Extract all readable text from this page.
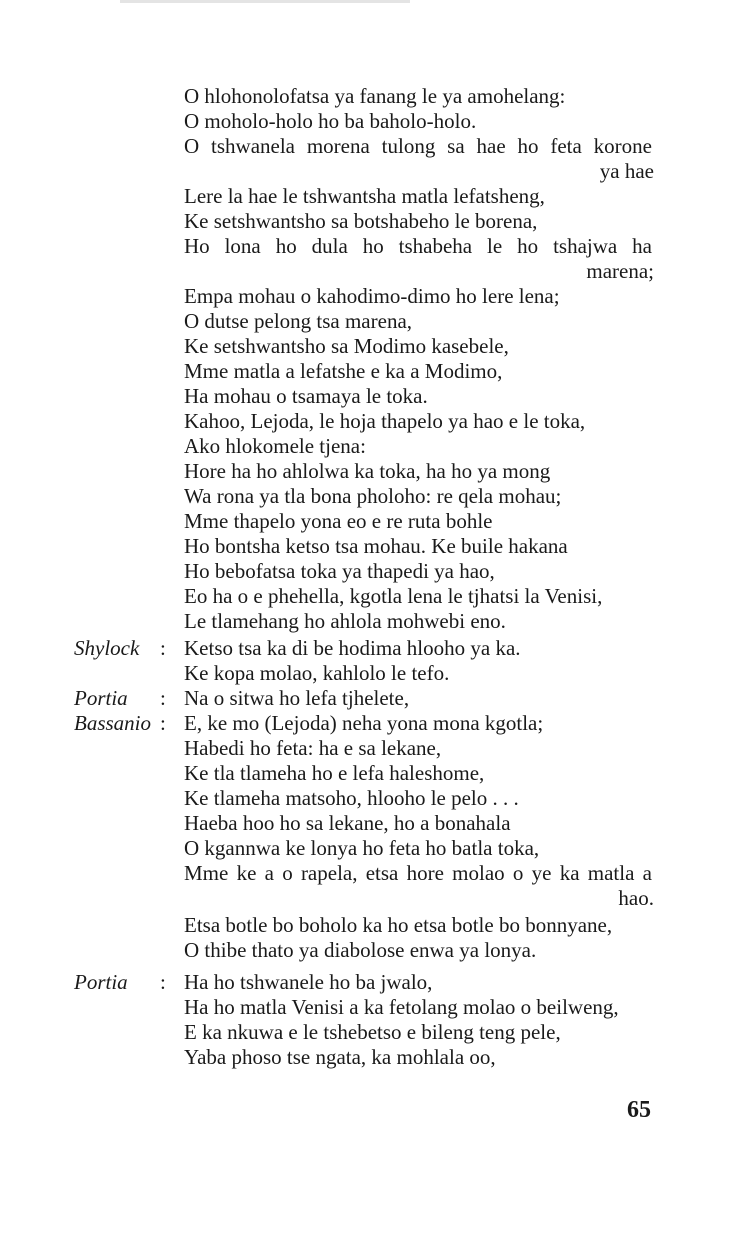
O hlohonolofatsa ya fanang le ya amohelang:
O moholo-holo ho ba baholo-holo.
O tshwanela morena tulong sa hae ho feta korone
ya hae
Lere la hae le tshwantsha matla lefatsheng,
Ke setshwantsho sa botshabeho le borena,
Ho lona ho dula ho tshabeha le ho tshajwa ha
marena;
Empa mohau o kahodimo-dimo ho lere lena;
O dutse pelong tsa marena,
Ke setshwantsho sa Modimo kasebele,
Mme matla a lefatshe e ka a Modimo,
Ha mohau o tsamaya le toka.
Kahoo, Lejoda, le hoja thapelo ya hao e le toka,
Ako hlokomele tjena:
Hore ha ho ahlolwa ka toka, ha ho ya mong
Wa rona ya tla bona pholoho: re qela mohau;
Mme thapelo yona eo e re ruta bohle
Ho bontsha ketso tsa mohau. Ke buile hakana
Ho bebofatsa toka ya thapedi ya hao,
Eo ha o e phehella, kgotla lena le tjhatsi la Venisi,
Le tlamehang ho ahlola mohwebi eno.
Shylock : Ketso tsa ka di be hodima hlooho ya ka.
Ke kopa molao, kahlolo le tefo.
Portia : Na o sitwa ho lefa tjhelete,
Bassanio : E, ke mo (Lejoda) neha yona mona kgotla;
Habedi ho feta: ha e sa lekane,
Ke tla tlameha ho e lefa haleshome,
Ke tlameha matsoho, hlooho le pelo . . .
Haeba hoo ho sa lekane, ho a bonahala
O kgannwa ke lonya ho feta ho batla toka,
Mme ke a o rapela, etsa hore molao o ye ka matla a
hao.
Etsa botle bo boholo ka ho etsa botle bo bonnyane,
O thibe thato ya diabolose enwa ya lonya.
Portia : Ha ho tshwanele ho ba jwalo,
Ha ho matla Venisi a ka fetolang molao o beilweng,
E ka nkuwa e le tshebetso e bileng teng pele,
Yaba phoso tse ngata, ka mohlala oo,
65
